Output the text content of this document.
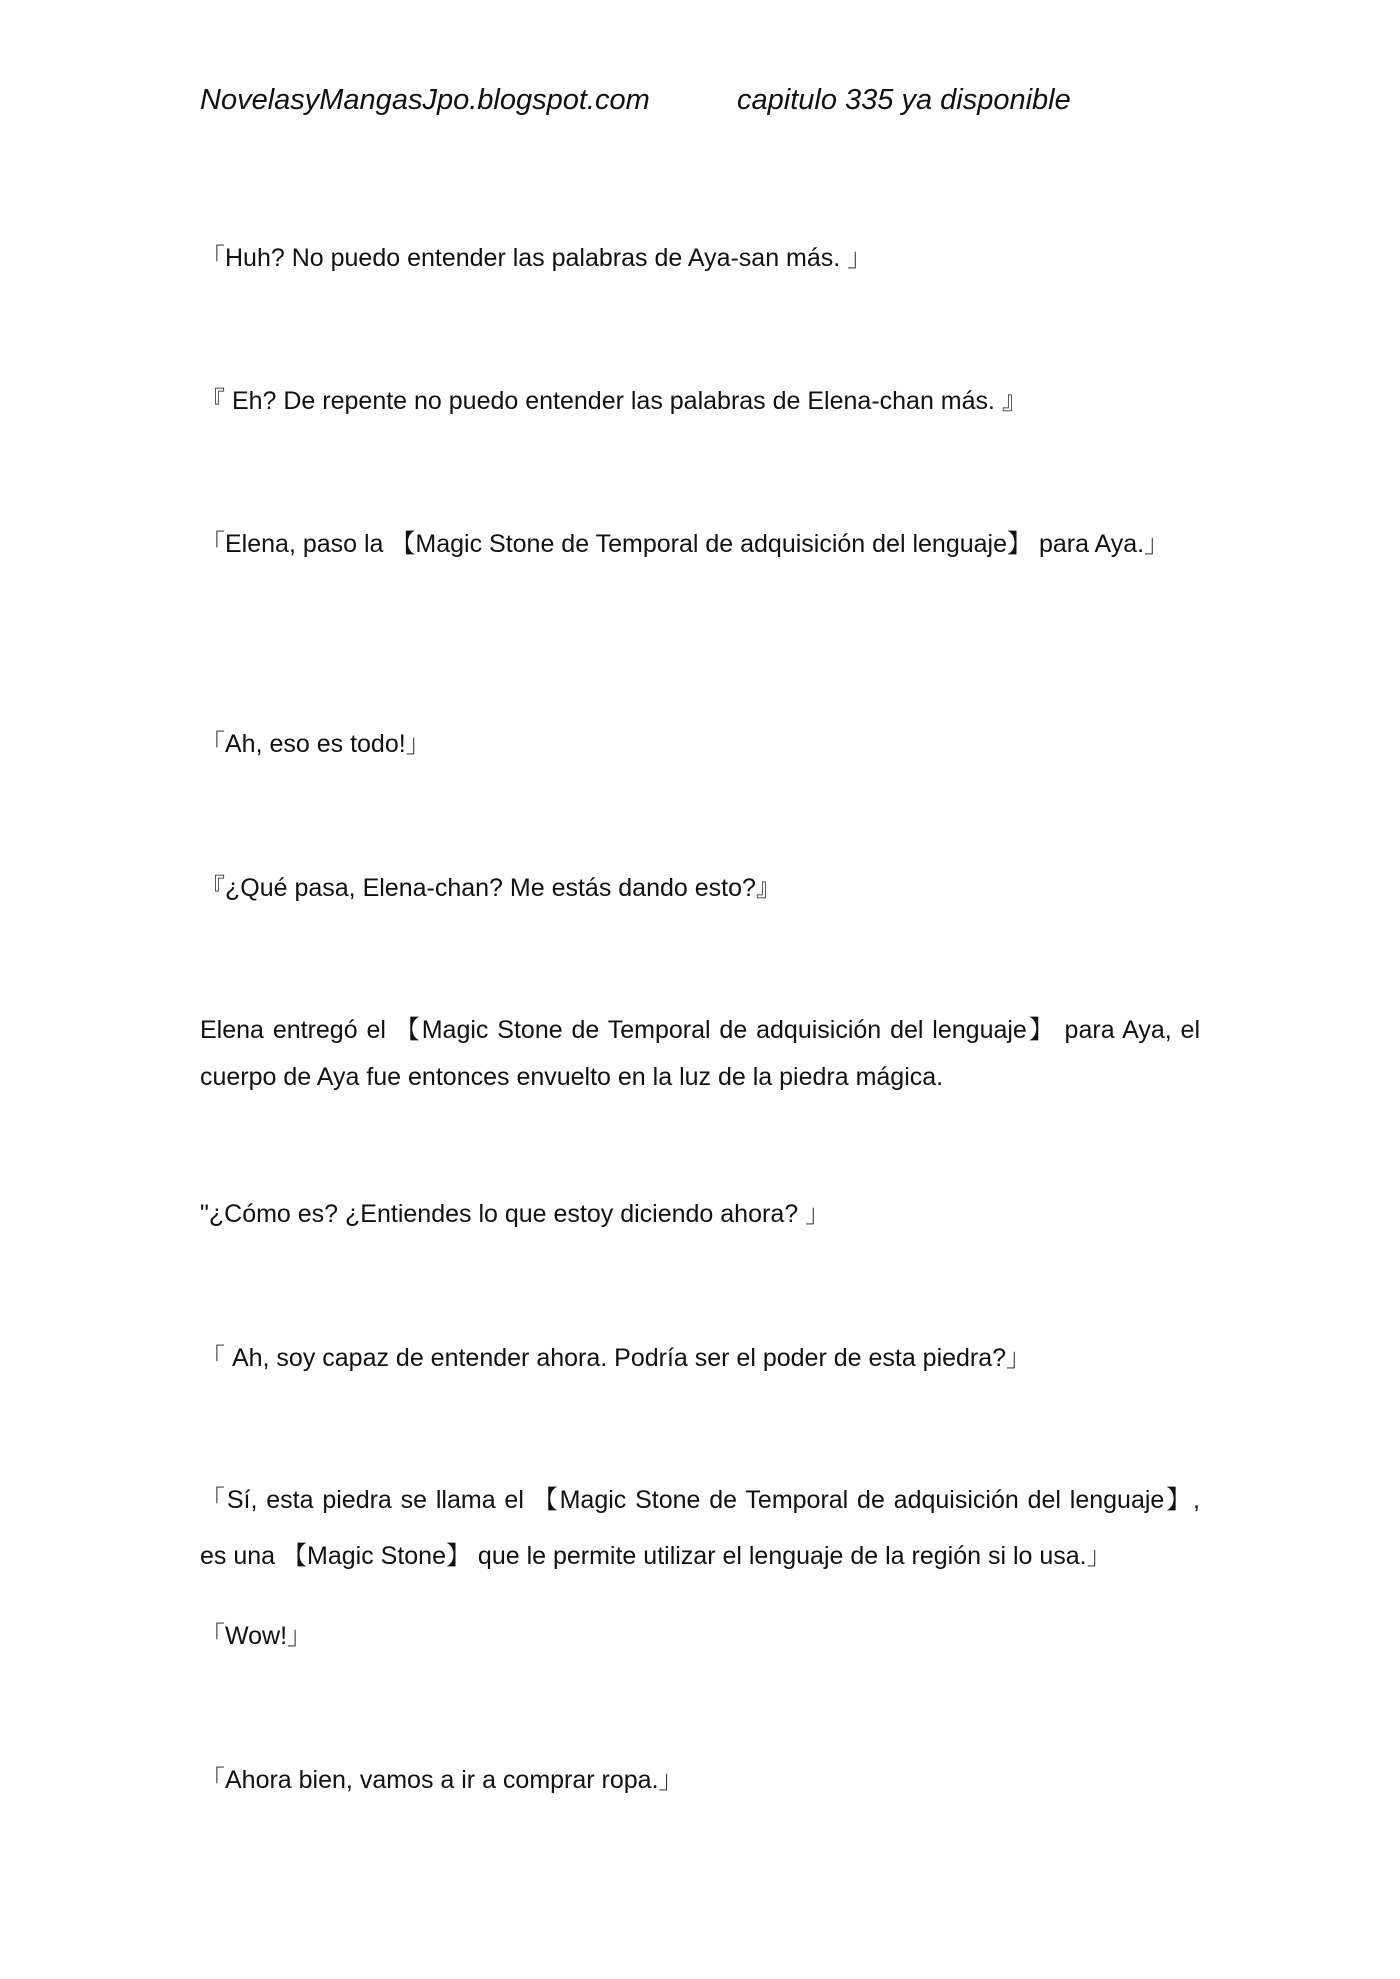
NovelasyMangasJpo.blogspot.com	capitulo 335 ya disponible
「Huh? No puedo entender las palabras de Aya-san más. 」
『 Eh? De repente no puedo entender las palabras de Elena-chan más. 』
「Elena, paso la 【Magic Stone de Temporal de adquisición del lenguaje】 para Aya.」
「Ah, eso es todo!」
『¿Qué pasa, Elena-chan? Me estás dando esto?』
Elena entregó el 【Magic Stone de Temporal de adquisición del lenguaje】 para Aya, el cuerpo de Aya fue entonces envuelto en la luz de la piedra mágica.
"¿Cómo es? ¿Entiendes lo que estoy diciendo ahora? 」
「 Ah, soy capaz de entender ahora. Podría ser el poder de esta piedra?」
「Sí, esta piedra se llama el 【Magic Stone de Temporal de adquisición del lenguaje】, es una 【Magic Stone】 que le permite utilizar el lenguaje de la región si lo usa.」
「Wow!」
「Ahora bien, vamos a ir a comprar ropa.」
